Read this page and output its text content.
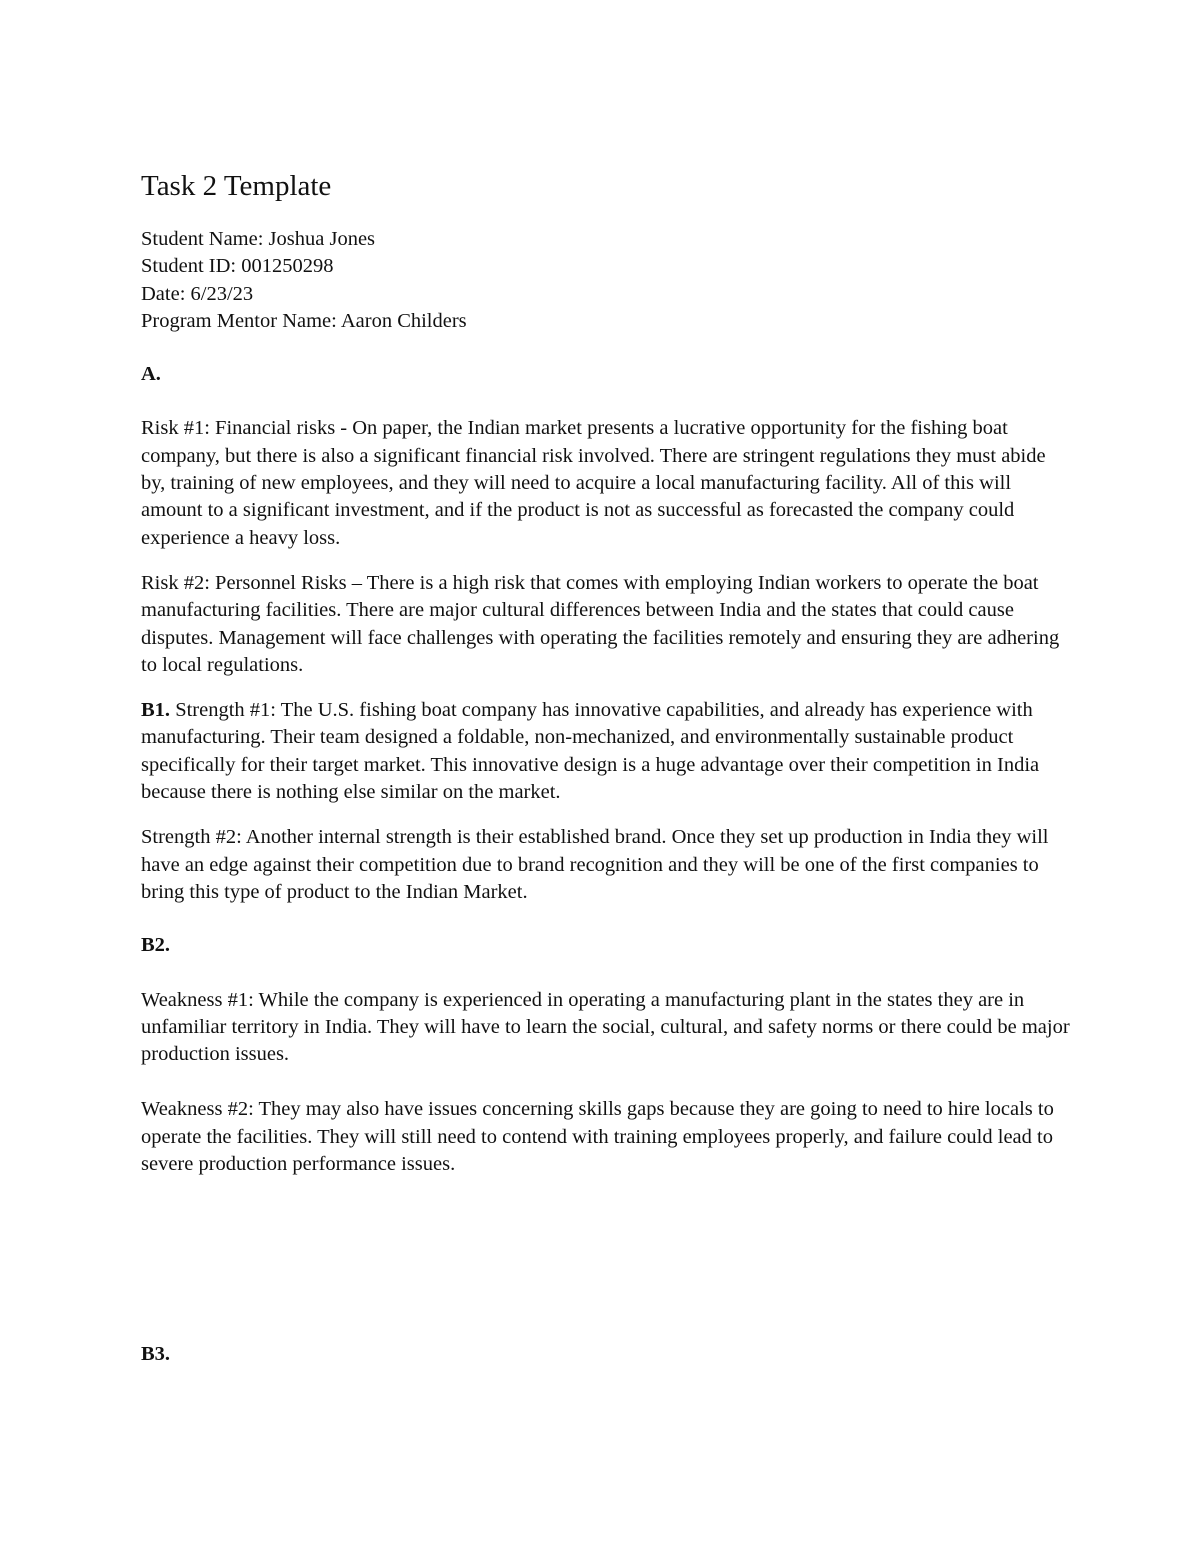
Task 2 Template

Student Name: Joshua Jones

Student ID: 001250298

Date: 6/23/23

Program Mentor Name: Aaron Childers

A.

Risk #1: Financial risks - On paper, the Indian market presents a lucrative opportunity for the fishing boat company, but there is also a significant financial risk involved. There are stringent regulations they must abide by, training of new employees, and they will need to acquire a local manufacturing facility. All of this will amount to a significant investment, and if the product is not as successful as forecasted the company could experience a heavy loss.

Risk #2: Personnel Risks – There is a high risk that comes with employing Indian workers to operate the boat manufacturing facilities. There are major cultural differences between India and the states that could cause disputes. Management will face challenges with operating the facilities remotely and ensuring they are adhering to local regulations.

B1. Strength #1: The U.S. fishing boat company has innovative capabilities, and already has experience with manufacturing. Their team designed a foldable, non-mechanized, and environmentally sustainable product specifically for their target market. This innovative design is a huge advantage over their competition in India because there is nothing else similar on the market.

Strength #2: Another internal strength is their established brand. Once they set up production in India they will have an edge against their competition due to brand recognition and they will be one of the first companies to bring this type of product to the Indian Market.

B2.

Weakness #1: While the company is experienced in operating a manufacturing plant in the states they are in unfamiliar territory in India. They will have to learn the social, cultural, and safety norms or there could be major production issues.

Weakness #2: They may also have issues concerning skills gaps because they are going to need to hire locals to operate the facilities. They will still need to contend with training employees properly, and failure could lead to severe production performance issues.

B3.
